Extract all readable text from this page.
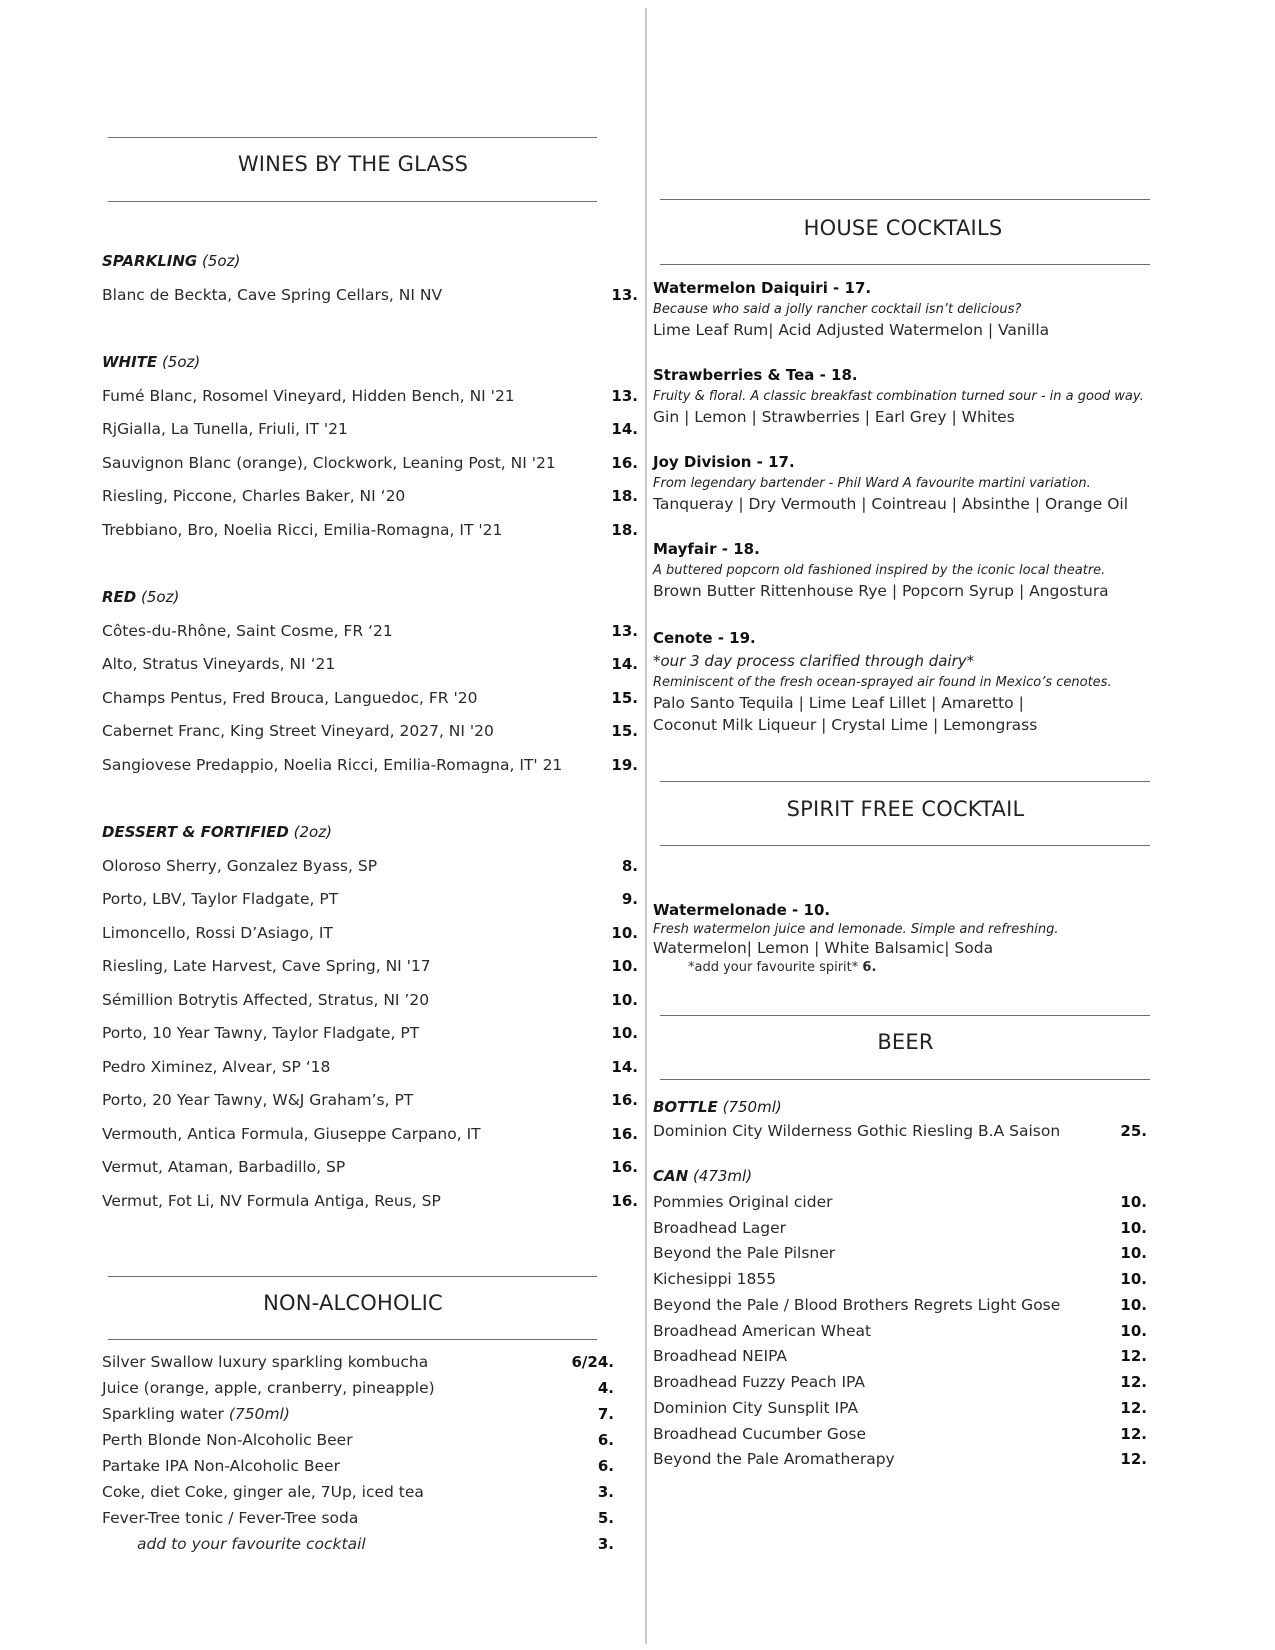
WINES BY THE GLASS
SPARKLING (5oz)
Blanc de Beckta, Cave Spring Cellars, NI NV	13.
WHITE (5oz)
Fumé Blanc, Rosomel Vineyard, Hidden Bench, NI '21	13.
RjGialla, La Tunella, Friuli, IT '21	14.
Sauvignon Blanc (orange), Clockwork, Leaning Post, NI '21	16.
Riesling, Piccone, Charles Baker, NI ‘20	18.
Trebbiano, Bro, Noelia Ricci, Emilia-Romagna, IT '21	18.
RED (5oz)
Côtes-du-Rhône, Saint Cosme, FR ‘21	13.
Alto, Stratus Vineyards, NI ‘21	14.
Champs Pentus, Fred Brouca, Languedoc, FR '20	15.
Cabernet Franc, King Street Vineyard, 2027, NI '20	15.
Sangiovese Predappio, Noelia Ricci, Emilia-Romagna, IT' 21	19.
DESSERT & FORTIFIED (2oz)
Oloroso Sherry, Gonzalez Byass, SP	8.
Porto, LBV, Taylor Fladgate, PT	9.
Limoncello, Rossi D’Asiago, IT	10.
Riesling, Late Harvest, Cave Spring, NI '17	10.
Sémillion Botrytis Affected, Stratus, NI ’20	10.
Porto, 10 Year Tawny, Taylor Fladgate, PT	10.
Pedro Ximinez, Alvear, SP ‘18	14.
Porto, 20 Year Tawny, W&J Graham’s, PT	16.
Vermouth, Antica Formula, Giuseppe Carpano, IT	16.
Vermut, Ataman, Barbadillo, SP	16.
Vermut, Fot Li, NV Formula Antiga, Reus, SP	16.
NON-ALCOHOLIC
Silver Swallow luxury sparkling kombucha	6/24.
Juice (orange, apple, cranberry, pineapple)	4.
Sparkling water (750ml)	7.
Perth Blonde Non-Alcoholic Beer	6.
Partake IPA Non-Alcoholic Beer	6.
Coke, diet Coke, ginger ale, 7Up, iced tea	3.
Fever-Tree tonic / Fever-Tree soda	5.
add to your favourite cocktail	3.
HOUSE COCKTAILS
Watermelon Daiquiri - 17.
Because who said a jolly rancher cocktail isn’t delicious?
Lime Leaf Rum| Acid Adjusted Watermelon | Vanilla
Strawberries & Tea - 18.
Fruity & floral. A classic breakfast combination turned sour - in a good way.
Gin | Lemon | Strawberries | Earl Grey | Whites
Joy Division - 17.
From legendary bartender - Phil Ward A favourite martini variation.
Tanqueray | Dry Vermouth | Cointreau | Absinthe | Orange Oil
Mayfair - 18.
A buttered popcorn old fashioned inspired by the iconic local theatre.
Brown Butter Rittenhouse Rye | Popcorn Syrup | Angostura
Cenote - 19.
*our 3 day process clarified through dairy*
Reminiscent of the fresh ocean-sprayed air found in Mexico’s cenotes.
Palo Santo Tequila | Lime Leaf Lillet | Amaretto |
Coconut Milk Liqueur | Crystal Lime | Lemongrass
SPIRIT FREE COCKTAIL
Watermelonade - 10.
Fresh watermelon juice and lemonade. Simple and refreshing.
Watermelon| Lemon | White Balsamic| Soda
*add your favourite spirit* 6.
BEER
BOTTLE (750ml)
Dominion City Wilderness Gothic Riesling B.A Saison	25.
CAN (473ml)
Pommies Original cider	10.
Broadhead Lager	10.
Beyond the Pale Pilsner	10.
Kichesippi 1855	10.
Beyond the Pale / Blood Brothers Regrets Light Gose	10.
Broadhead American Wheat	10.
Broadhead NEIPA	12.
Broadhead Fuzzy Peach IPA	12.
Dominion City Sunsplit IPA	12.
Broadhead Cucumber Gose	12.
Beyond the Pale Aromatherapy	12.
